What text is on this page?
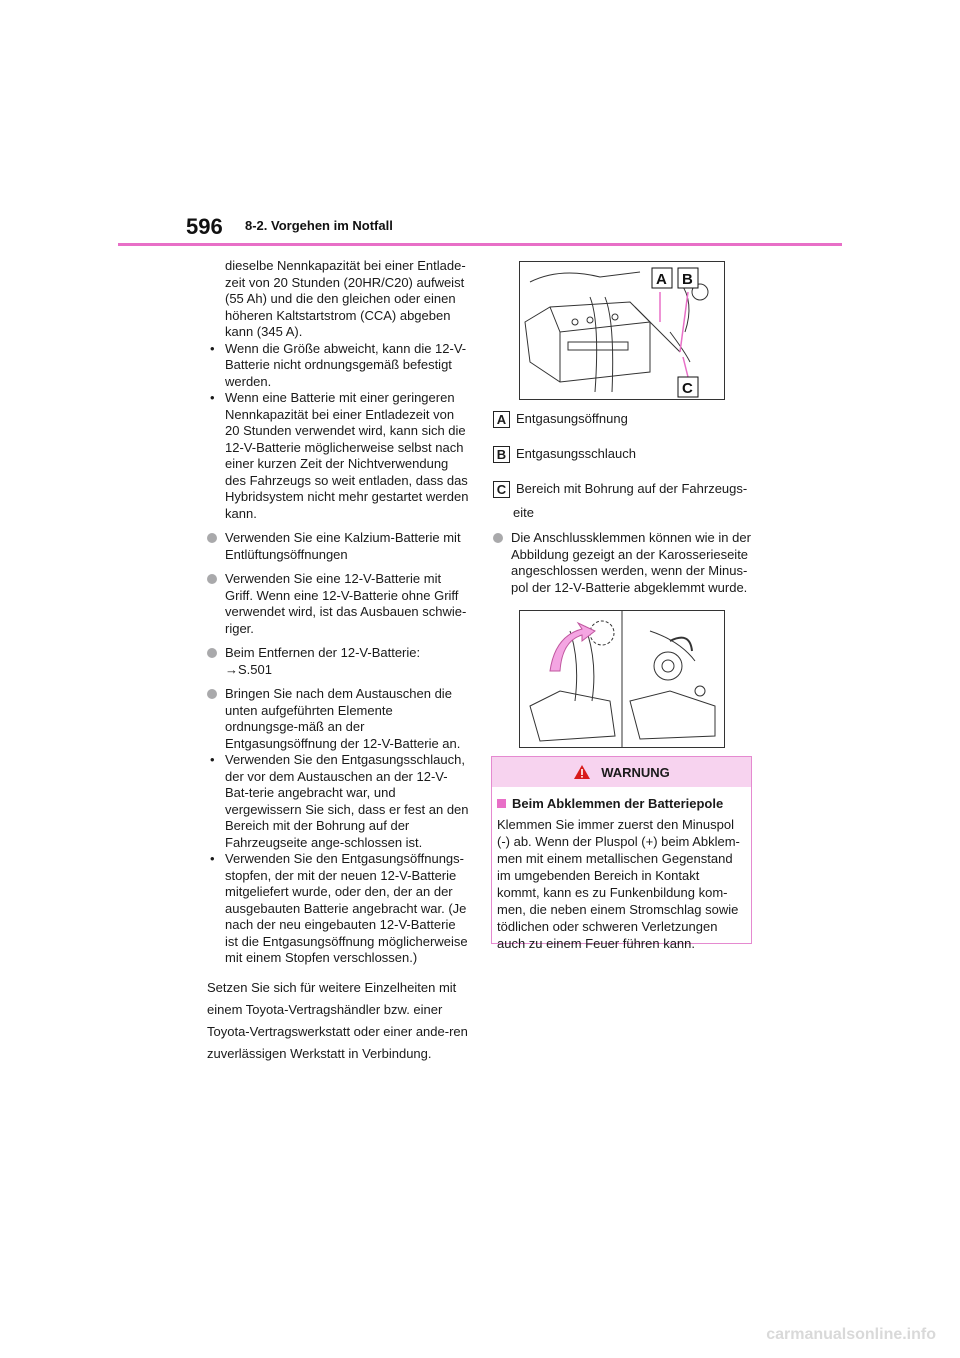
596 8-2. Vorgehen im Notfall

dieselbe Nennkapazität bei einer Entlade-zeit von 20 Stunden (20HR/C20) aufweist (55 Ah) und die den gleichen oder einen höheren Kaltstartstrom (CCA) abgeben kann (345 A).

• Wenn die Größe abweicht, kann die 12-V-Batterie nicht ordnungsgemäß befestigt werden.

• Wenn eine Batterie mit einer geringeren Nennkapazität bei einer Entladezeit von 20 Stunden verwendet wird, kann sich die 12-V-Batterie möglicherweise selbst nach einer kurzen Zeit der Nichtverwendung des Fahrzeugs so weit entladen, dass das Hybridsystem nicht mehr gestartet werden kann.

Verwenden Sie eine Kalzium-Batterie mit Entlüftungsöffnungen
Verwenden Sie eine 12-V-Batterie mit Griff. Wenn eine 12-V-Batterie ohne Griff verwendet wird, ist das Ausbauen schwie-riger.
Beim Entfernen der 12-V-Batterie: →S.501
Bringen Sie nach dem Austauschen die unten aufgeführten Elemente ordnungsge-mäß an der Entgasungsöffnung der 12-V-Batterie an.

• Verwenden Sie den Entgasungsschlauch, der vor dem Austauschen an der 12-V-Bat-terie angebracht war, und vergewissern Sie sich, dass er fest an den Bereich mit der Bohrung auf der Fahrzeugseite ange-schlossen ist.

• Verwenden Sie den Entgasungsöffnungs-stopfen, der mit der neuen 12-V-Batterie mitgeliefert wurde, oder den, der an der ausgebauten Batterie angebracht war. (Je nach der neu eingebauten 12-V-Batterie ist die Entgasungsöffnung möglicherweise mit einem Stopfen verschlossen.)

Setzen Sie sich für weitere Einzelheiten mit einem Toyota-Vertragshändler bzw. einer Toyota-Vertragswerkstatt oder einer ande-ren zuverlässigen Werkstatt in Verbindung.

A B
C
A Entgasungsöffnung
B Entgasungsschlauch
C Bereich mit Bohrung auf der Fahrzeugs-
eite
Die Anschlussklemmen können wie in der Abbildung gezeigt an der Karosserieseite angeschlossen werden, wenn der Minus-pol der 12-V-Batterie abgeklemmt wurde.
WARNUNG
Beim Abklemmen der Batteriepole
Klemmen Sie immer zuerst den Minuspol (-) ab. Wenn der Pluspol (+) beim Abklem-men mit einem metallischen Gegenstand im umgebenden Bereich in Kontakt kommt, kann es zu Funkenbildung kom-men, die neben einem Stromschlag sowie tödlichen oder schweren Verletzungen auch zu einem Feuer führen kann.
carmanualsonline.info
